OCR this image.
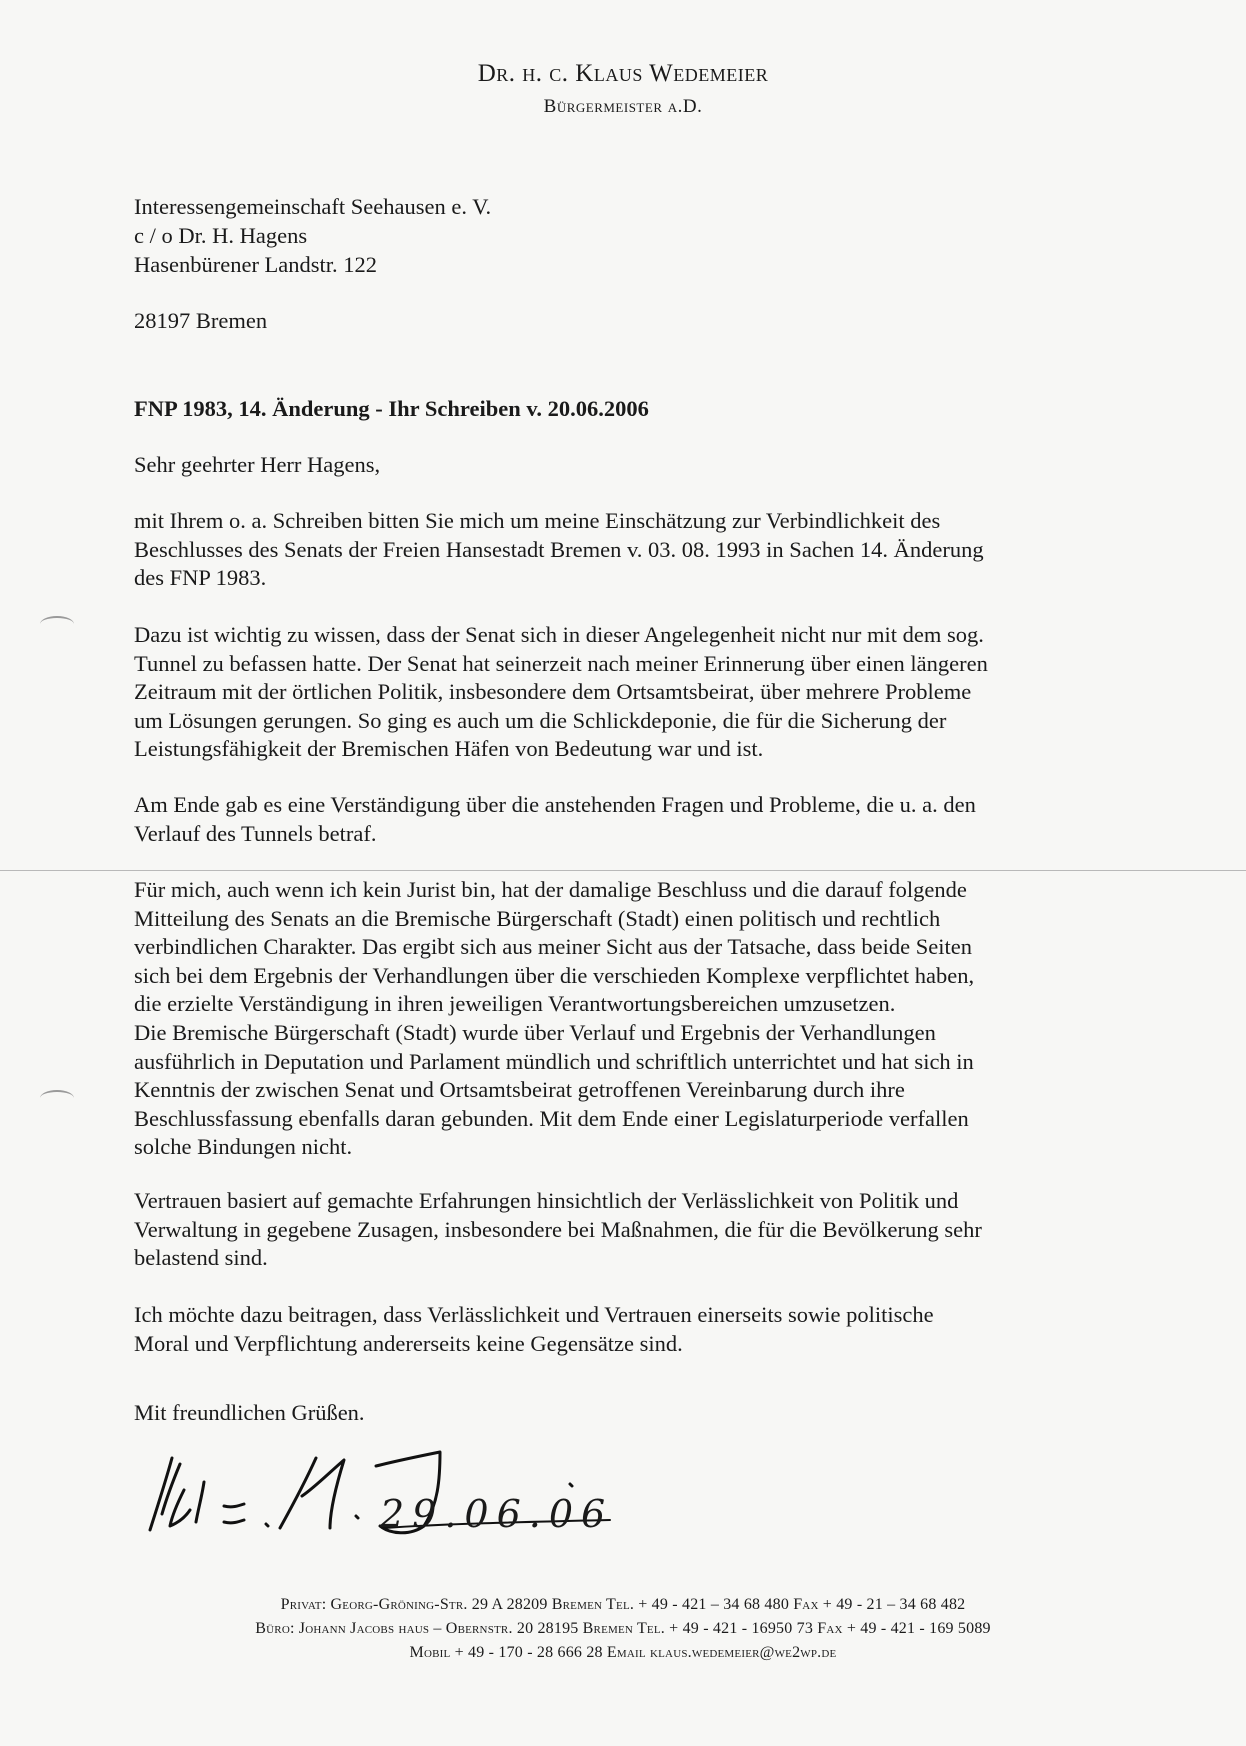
Dr. h. c. Klaus Wedemeier
Bürgermeister a.D.
Interessengemeinschaft Seehausen e. V.
c / o Dr. H. Hagens
Hasenbürener Landstr. 122
28197 Bremen
FNP 1983, 14. Änderung - Ihr Schreiben v. 20.06.2006
Sehr geehrter Herr Hagens,
mit Ihrem o. a. Schreiben bitten Sie mich um meine Einschätzung zur Verbindlichkeit des
Beschlusses des Senats der Freien Hansestadt Bremen v. 03. 08. 1993 in Sachen 14. Änderung
des FNP 1983.
Dazu ist wichtig zu wissen, dass der Senat sich in dieser Angelegenheit nicht nur mit dem sog.
Tunnel zu befassen hatte. Der Senat hat seinerzeit nach meiner Erinnerung über einen längeren
Zeitraum mit der örtlichen Politik, insbesondere dem Ortsamtsbeirat, über mehrere Probleme
um Lösungen gerungen. So ging es auch um die Schlickdeponie, die für die Sicherung der
Leistungsfähigkeit der Bremischen Häfen von Bedeutung war und ist.
Am Ende gab es eine Verständigung über die anstehenden Fragen und Probleme, die u. a. den
Verlauf des Tunnels betraf.
Für mich, auch wenn ich kein Jurist bin, hat der damalige Beschluss und die darauf folgende
Mitteilung des Senats an die Bremische Bürgerschaft (Stadt) einen politisch und rechtlich
verbindlichen Charakter. Das ergibt sich aus meiner Sicht aus der Tatsache, dass beide Seiten
sich bei dem Ergebnis der Verhandlungen über die verschieden Komplexe verpflichtet haben,
die erzielte Verständigung in ihren jeweiligen Verantwortungsbereichen umzusetzen.
Die Bremische Bürgerschaft (Stadt) wurde über Verlauf und Ergebnis der Verhandlungen
ausführlich in Deputation und Parlament mündlich und schriftlich unterrichtet und hat sich in
Kenntnis der zwischen Senat und Ortsamtsbeirat getroffenen Vereinbarung durch ihre
Beschlussfassung ebenfalls daran gebunden. Mit dem Ende einer Legislaturperiode verfallen
solche Bindungen nicht.
Vertrauen basiert auf gemachte Erfahrungen hinsichtlich der Verlässlichkeit von Politik und
Verwaltung in gegebene Zusagen, insbesondere bei Maßnahmen, die für die Bevölkerung sehr
belastend sind.
Ich möchte dazu beitragen, dass Verlässlichkeit und Vertrauen einerseits sowie politische
Moral und Verpflichtung andererseits keine Gegensätze sind.
Mit freundlichen Grüßen.
29.06.06
Privat: Georg-Gröning-Str. 29 A 28209 Bremen Tel. + 49 - 421 – 34 68 480 Fax + 49 - 21 – 34 68 482
Büro: Johann Jacobs haus – Obernstr. 20 28195 Bremen Tel. + 49 - 421 - 16950 73 Fax + 49 - 421 - 169 5089
Mobil + 49 - 170 - 28 666 28 Email klaus.wedemeier@we2wp.de
